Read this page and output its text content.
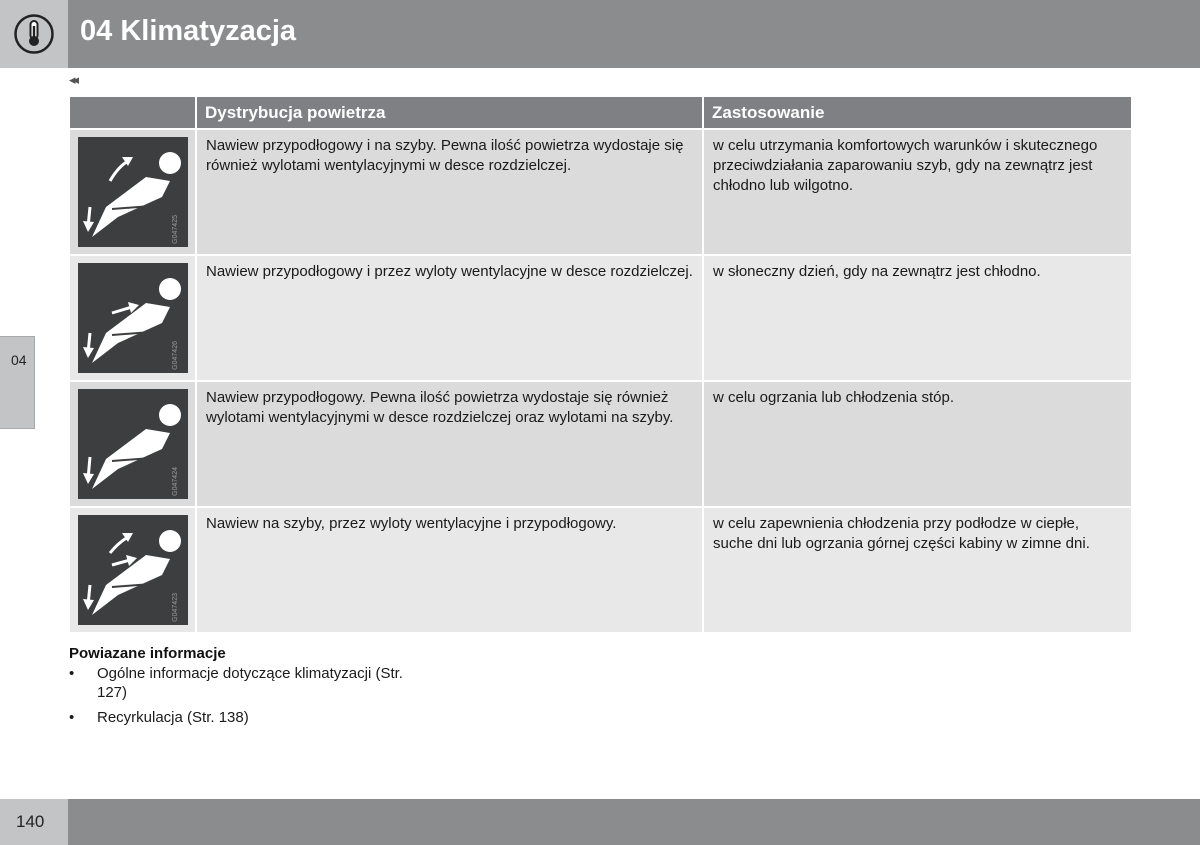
04 Klimatyzacja
◂◂
04
	Dystrybucja powietrza	Zastosowanie

G047425	Nawiew przypodłogowy i na szyby. Pewna ilość powietrza wydostaje się również wylotami wentylacyjnymi w desce rozdzielczej.	w celu utrzymania komfortowych warunków i skutecznego przeciwdziałania zaparowaniu szyb, gdy na zewnątrz jest chłodno lub wilgotno.

G047426	Nawiew przypodłogowy i przez wyloty wentylacyjne w desce rozdzielczej.	w słoneczny dzień, gdy na zewnątrz jest chłodno.

G047424	Nawiew przypodłogowy. Pewna ilość powietrza wydostaje się również wylotami wentylacyjnymi w desce rozdzielczej oraz wylotami na szyby.	w celu ogrzania lub chłodzenia stóp.

G047423	Nawiew na szyby, przez wyloty wentylacyjne i przypodłogowy.	w celu zapewnienia chłodzenia przy podłodze w ciepłe, suche dni lub ogrzania górnej części kabiny w zimne dni.
Powiazane informacje
• Ogólne informacje dotyczące klimatyzacji (Str. 127)
• Recyrkulacja (Str. 138)
140
